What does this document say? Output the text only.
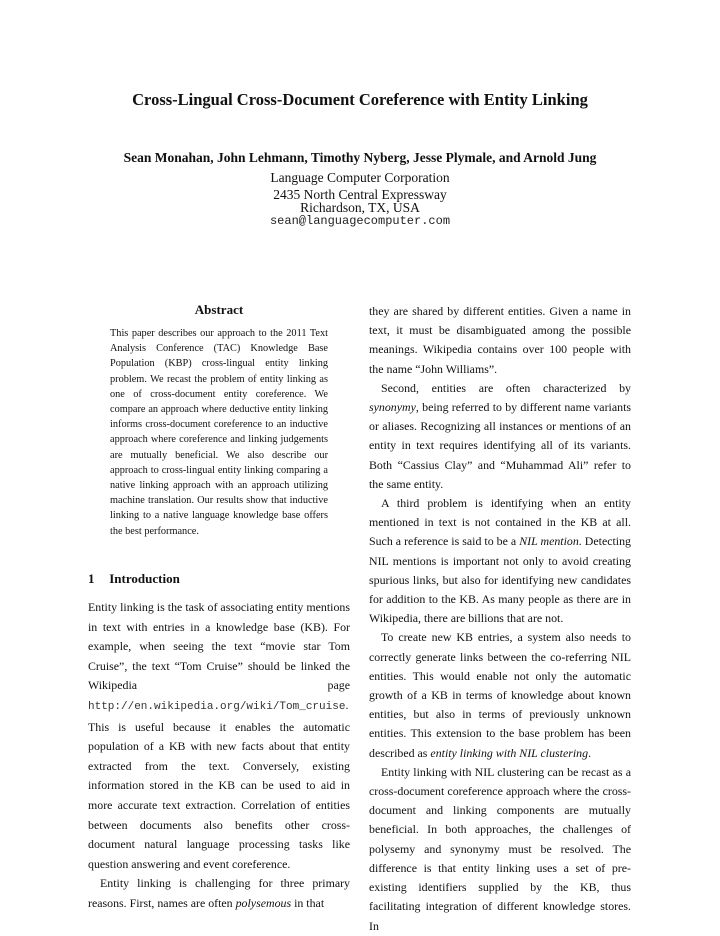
Cross-Lingual Cross-Document Coreference with Entity Linking
Sean Monahan, John Lehmann, Timothy Nyberg, Jesse Plymale, and Arnold Jung
Language Computer Corporation
2435 North Central Expressway
Richardson, TX, USA
sean@languagecomputer.com
Abstract

This paper describes our approach to the 2011 Text Analysis Conference (TAC) Knowledge Base Population (KBP) cross-lingual entity linking problem. We recast the problem of entity linking as one of cross-document entity coreference. We compare an approach where deductive entity linking informs cross-document coreference to an inductive approach where coreference and linking judgements are mutually beneficial. We also describe our approach to cross-lingual entity linking comparing a native linking approach with an approach utilizing machine translation. Our results show that inductive linking to a native language knowledge base offers the best performance.

1 Introduction

Entity linking is the task of associating entity mentions in text with entries in a knowledge base (KB). For example, when seeing the text “movie star Tom Cruise”, the text “Tom Cruise” should be linked the Wikipedia page http://en.wikipedia.org/wiki/Tom_cruise. This is useful because it enables the automatic population of a KB with new facts about that entity extracted from the text. Conversely, existing information stored in the KB can be used to aid in more accurate text extraction. Correlation of entities between documents also benefits other cross-document natural language processing tasks like question answering and event coreference.

Entity linking is challenging for three primary reasons. First, names are often polysemous in that

they are shared by different entities. Given a name in text, it must be disambiguated among the possible meanings. Wikipedia contains over 100 people with the name “John Williams”.

Second, entities are often characterized by synonymy, being referred to by different name variants or aliases. Recognizing all instances or mentions of an entity in text requires identifying all of its variants. Both “Cassius Clay” and “Muhammad Ali” refer to the same entity.

A third problem is identifying when an entity mentioned in text is not contained in the KB at all. Such a reference is said to be a NIL mention. Detecting NIL mentions is important not only to avoid creating spurious links, but also for identifying new candidates for addition to the KB. As many people as there are in Wikipedia, there are billions that are not.

To create new KB entries, a system also needs to correctly generate links between the co-referring NIL entities. This would enable not only the automatic growth of a KB in terms of knowledge about known entities, but also in terms of previously unknown entities. This extension to the base problem has been described as entity linking with NIL clustering.

Entity linking with NIL clustering can be recast as a cross-document coreference approach where the cross-document and linking components are mutually beneficial. In both approaches, the challenges of polysemy and synonymy must be resolved. The difference is that entity linking uses a set of pre-existing identifiers supplied by the KB, thus facilitating integration of different knowledge stores. In
